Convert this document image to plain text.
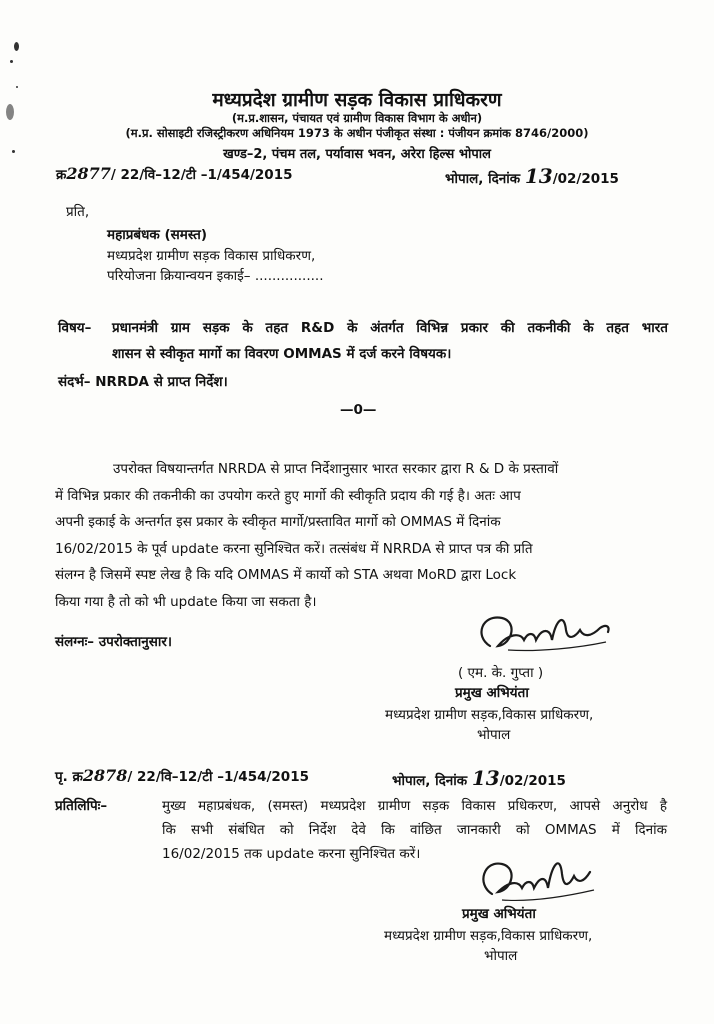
मध्यप्रदेश ग्रामीण सड़क विकास प्राधिकरण
(म.प्र.शासन, पंचायत एवं ग्रामीण विकास विभाग के अधीन)
(म.प्र. सोसाइटी रजिस्ट्रीकरण अधिनियम 1973 के अधीन पंजीकृत संस्था : पंजीयन क्रमांक 8746/2000)
खण्ड–2, पंचम तल, पर्यावास भवन, अरेरा हिल्स भोपाल
क्र2877/ 22/वि–12/टी –1/454/2015	भोपाल, दिनांक 13/02/2015
प्रति,
महाप्रबंधक (समस्त)
मध्यप्रदेश ग्रामीण सड़क विकास प्राधिकरण,
परियोजना क्रियान्वयन इकाई– ................
विषय– प्रधानमंत्री ग्राम सड़क के तहत R&D के अंतर्गत विभिन्न प्रकार की तकनीकी के तहत भारत
शासन से स्वीकृत मार्गो का विवरण OMMAS में दर्ज करने विषयक।
संदर्भ– NRRDA से प्राप्त निर्देश।
—0—
उपरोक्त विषयान्तर्गत NRRDA से प्राप्त निर्देशानुसार भारत सरकार द्वारा R & D के प्रस्तावों
में विभिन्न प्रकार की तकनीकी का उपयोग करते हुए मार्गो की स्वीकृति प्रदाय की गई है। अतः आप
अपनी इकाई के अन्तर्गत इस प्रकार के स्वीकृत मार्गो/प्रस्तावित मार्गो को OMMAS में दिनांक
16/02/2015 के पूर्व update करना सुनिश्चित करें। तत्संबंध में NRRDA से प्राप्त पत्र की प्रति
संलग्न है जिसमें स्पष्ट लेख है कि यदि OMMAS में कार्यो को STA अथवा MoRD द्वारा Lock
किया गया है तो को भी update किया जा सकता है।
संलग्नः– उपरोक्तानुसार।
( एम. के. गुप्ता )
प्रमुख अभियंता
मध्यप्रदेश ग्रामीण सड़क,विकास प्राधिकरण,
भोपाल
पृ. क्र2878/ 22/वि–12/टी –1/454/2015	भोपाल, दिनांक 13/02/2015
प्रतिलिपिः–	मुख्य महाप्रबंधक, (समस्त) मध्यप्रदेश ग्रामीण सड़क विकास प्रधिकरण, आपसे अनुरोध है
कि सभी संबंधित को निर्देश देवे कि वांछित जानकारी को OMMAS में दिनांक
16/02/2015 तक update करना सुनिश्चित करें।
प्रमुख अभियंता
मध्यप्रदेश ग्रामीण सड़क,विकास प्राधिकरण,
भोपाल
